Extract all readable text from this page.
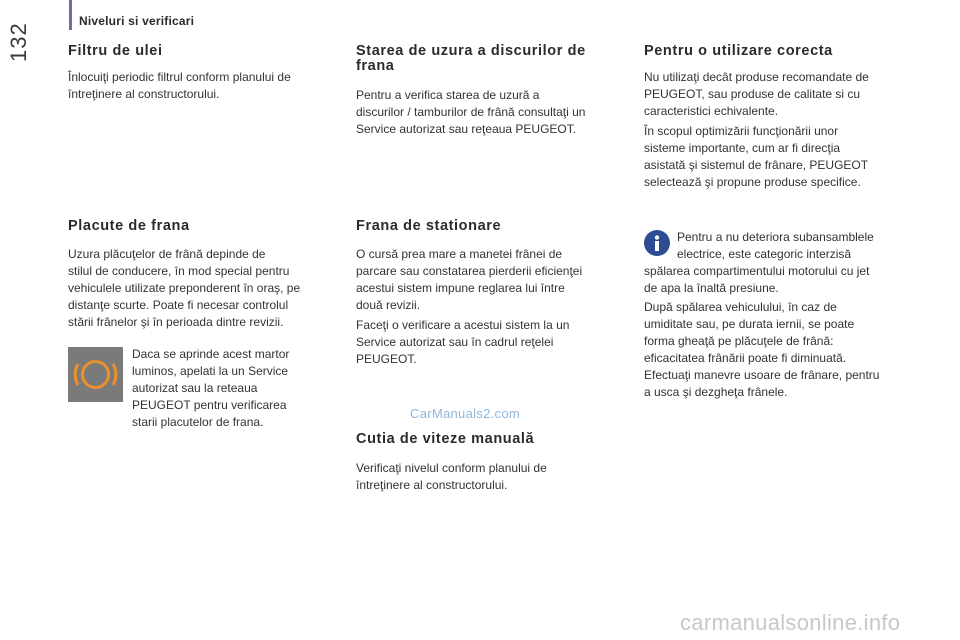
Niveluri si verificari
132	Filtru de ulei

Înlocuiţi periodic filtrul conform planului de

întreţinere al constructorului.

Placute de frana

Uzura plăcuţelor de frână depinde de

stilul de conducere, în mod special pentru

vehiculele utilizate preponderent în oraş, pe

distanţe scurte. Poate fi necesar controlul

stării frânelor şi în perioada dintre revizii.

Daca se aprinde acest martor

luminos, apelati la un Service

autorizat sau la reteaua

PEUGEOT pentru verificarea

starii placutelor de frana.

Starea de uzura a discurilor de

frana

Pentru a verifica starea de uzură a

discurilor / tamburilor de frână consultaţi un

Service autorizat sau reţeaua PEUGEOT.

Frana de stationare

O cursă prea mare a manetei frânei de

parcare sau constatarea pierderii eficienţei

acestui sistem impune reglarea lui între

două revizii.

Faceţi o verificare a acestui sistem la un

Service autorizat sau în cadrul reţelei

PEUGEOT.

Cutia de viteze manuală

Verificaţi nivelul conform planului de

întreţinere al constructorului.

Pentru o utilizare corecta

Nu utilizaţi decât produse recomandate de

PEUGEOT, sau produse de calitate si cu

caracteristici echivalente.

În scopul optimizării funcţionării unor

sisteme importante, cum ar fi direcţia

asistată şi sistemul de frânare, PEUGEOT

selectează şi propune produse specifice.

Pentru a nu deteriora subansamblele

electrice, este categoric interzisă

spălarea compartimentului motorului cu jet

de apa la înaltă presiune.

După spălarea vehiculului, în caz de

umiditate sau, pe durata iernii, se poate

forma gheaţă pe plăcuţele de frână:

eficacitatea frânării poate fi diminuată.

Efectuaţi manevre usoare de frânare, pentru

a usca şi dezgheţa frânele.

CarManuals2.com
carmanualsonline.info
